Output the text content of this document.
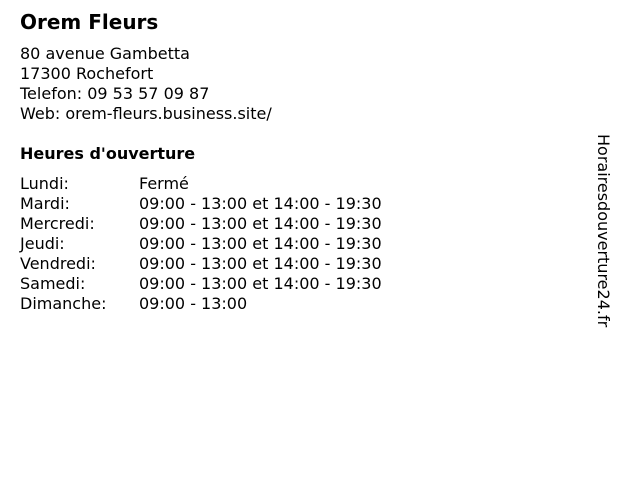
Orem Fleurs
80 avenue Gambetta
17300 Rochefort
Telefon: 09 53 57 09 87
Web: orem-fleurs.business.site/
Heures d'ouverture
Lundi:	Fermé
Mardi:	09:00 - 13:00 et 14:00 - 19:30
Mercredi:	09:00 - 13:00 et 14:00 - 19:30
Jeudi:	09:00 - 13:00 et 14:00 - 19:30
Vendredi:	09:00 - 13:00 et 14:00 - 19:30
Samedi:	09:00 - 13:00 et 14:00 - 19:30
Dimanche:	09:00 - 13:00	Horairesdouverture24.fr
